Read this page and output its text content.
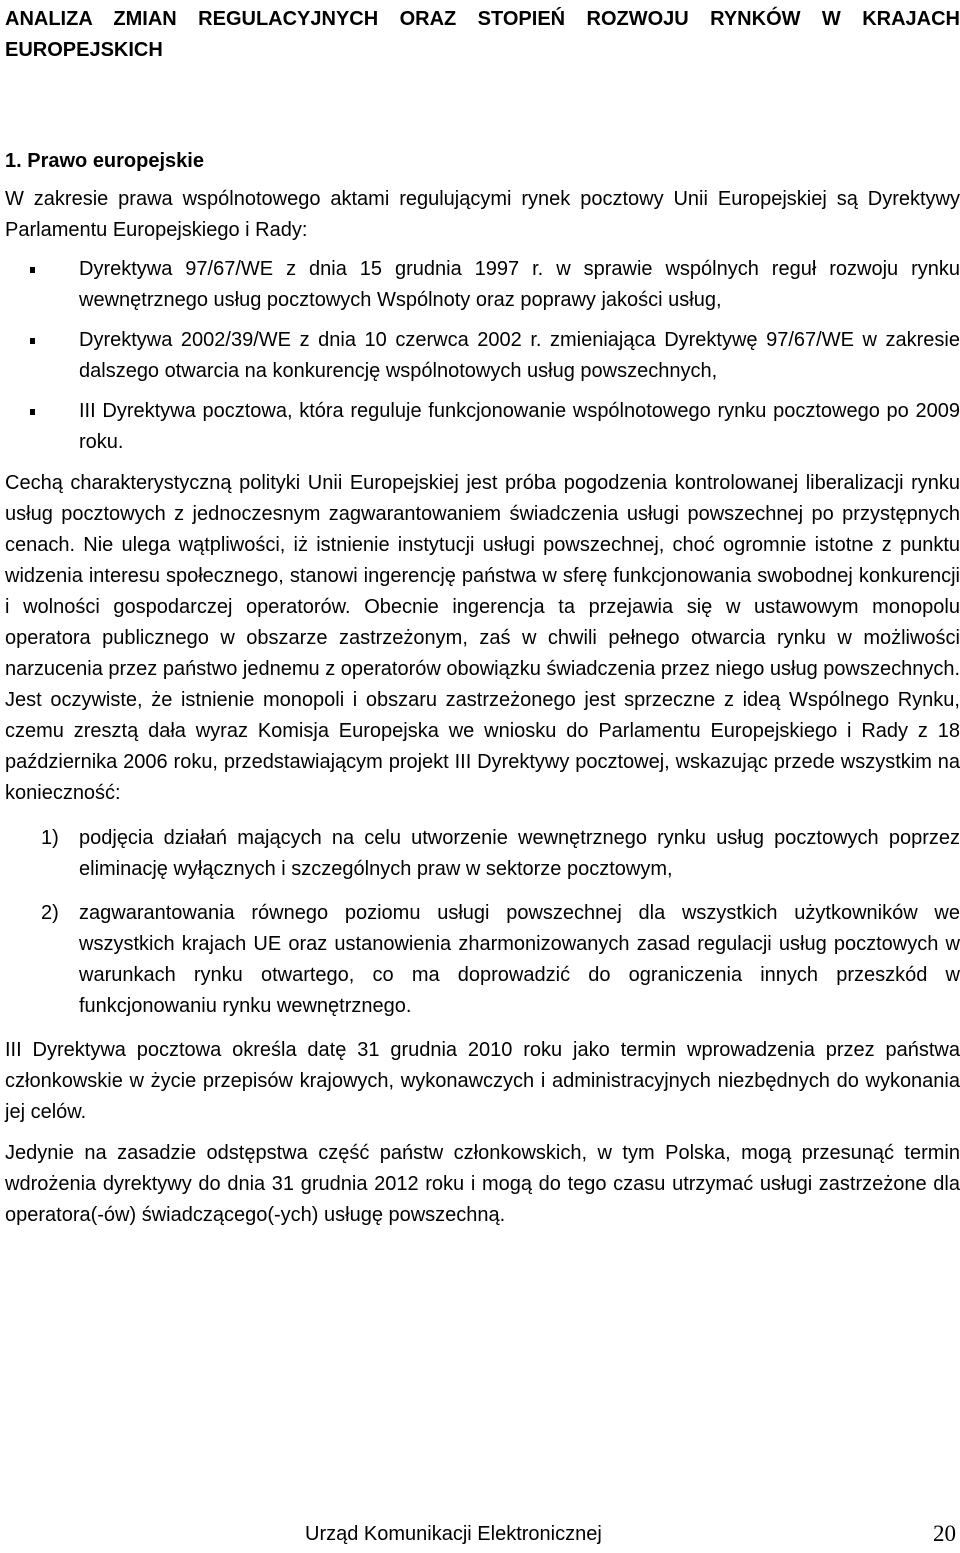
ANALIZA ZMIAN REGULACYJNYCH ORAZ STOPIEŃ ROZWOJU RYNKÓW W KRAJACH EUROPEJSKICH
1. Prawo europejskie

W zakresie prawa wspólnotowego aktami regulującymi rynek pocztowy Unii Europejskiej są Dyrektywy Parlamentu Europejskiego i Rady:

Dyrektywa 97/67/WE z dnia 15 grudnia 1997 r. w sprawie wspólnych reguł rozwoju rynku wewnętrznego usług pocztowych Wspólnoty oraz poprawy jakości usług,
Dyrektywa 2002/39/WE z dnia 10 czerwca 2002 r. zmieniająca Dyrektywę 97/67/WE w zakresie dalszego otwarcia na konkurencję wspólnotowych usług powszechnych,
III Dyrektywa pocztowa, która reguluje funkcjonowanie wspólnotowego rynku pocztowego po 2009 roku.

Cechą charakterystyczną polityki Unii Europejskiej jest próba pogodzenia kontrolowanej liberalizacji rynku usług pocztowych z jednoczesnym zagwarantowaniem świadczenia usługi powszechnej po przystępnych cenach. Nie ulega wątpliwości, iż istnienie instytucji usługi powszechnej, choć ogromnie istotne z punktu widzenia interesu społecznego, stanowi ingerencję państwa w sferę funkcjonowania swobodnej konkurencji i wolności gospodarczej operatorów. Obecnie ingerencja ta przejawia się w ustawowym monopolu operatora publicznego w obszarze zastrzeżonym, zaś w chwili pełnego otwarcia rynku w możliwości narzucenia przez państwo jednemu z operatorów obowiązku świadczenia przez niego usług powszechnych. Jest oczywiste, że istnienie monopoli i obszaru zastrzeżonego jest sprzeczne z ideą Wspólnego Rynku, czemu zresztą dała wyraz Komisja Europejska we wniosku do Parlamentu Europejskiego i Rady z 18 października 2006 roku, przedstawiającym projekt III Dyrektywy pocztowej, wskazując przede wszystkim na konieczność:

1) podjęcia działań mających na celu utworzenie wewnętrznego rynku usług pocztowych poprzez eliminację wyłącznych i szczególnych praw w sektorze pocztowym,
2) zagwarantowania równego poziomu usługi powszechnej dla wszystkich użytkowników we wszystkich krajach UE oraz ustanowienia zharmonizowanych zasad regulacji usług pocztowych w warunkach rynku otwartego, co ma doprowadzić do ograniczenia innych przeszkód w funkcjonowaniu rynku wewnętrznego.

III Dyrektywa pocztowa określa datę 31 grudnia 2010 roku jako termin wprowadzenia przez państwa członkowskie w życie przepisów krajowych, wykonawczych i administracyjnych niezbędnych do wykonania jej celów.

Jedynie na zasadzie odstępstwa część państw członkowskich, w tym Polska, mogą przesunąć termin wdrożenia dyrektywy do dnia 31 grudnia 2012 roku i mogą do tego czasu utrzymać usługi zastrzeżone dla operatora(-ów) świadczącego(-ych) usługę powszechną.

Urząd Komunikacji Elektronicznej	20
